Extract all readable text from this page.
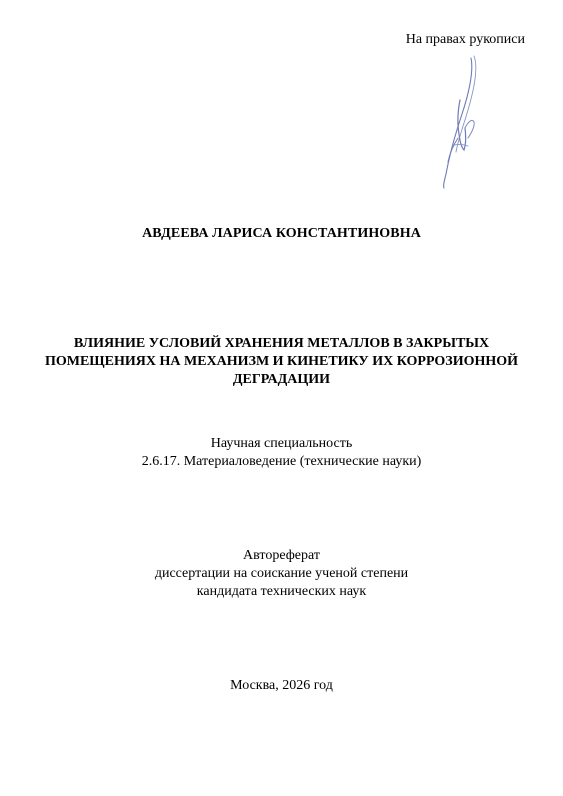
На правах рукописи
АВДЕЕВА ЛАРИСА КОНСТАНТИНОВНА
ВЛИЯНИЕ УСЛОВИЙ ХРАНЕНИЯ МЕТАЛЛОВ В ЗАКРЫТЫХ
ПОМЕЩЕНИЯХ НА МЕХАНИЗМ И КИНЕТИКУ ИХ КОРРОЗИОННОЙ
ДЕГРАДАЦИИ
Научная специальность
2.6.17. Материаловедение (технические науки)
Автореферат
диссертации на соискание ученой степени
кандидата технических наук
Москва, 2026 год
